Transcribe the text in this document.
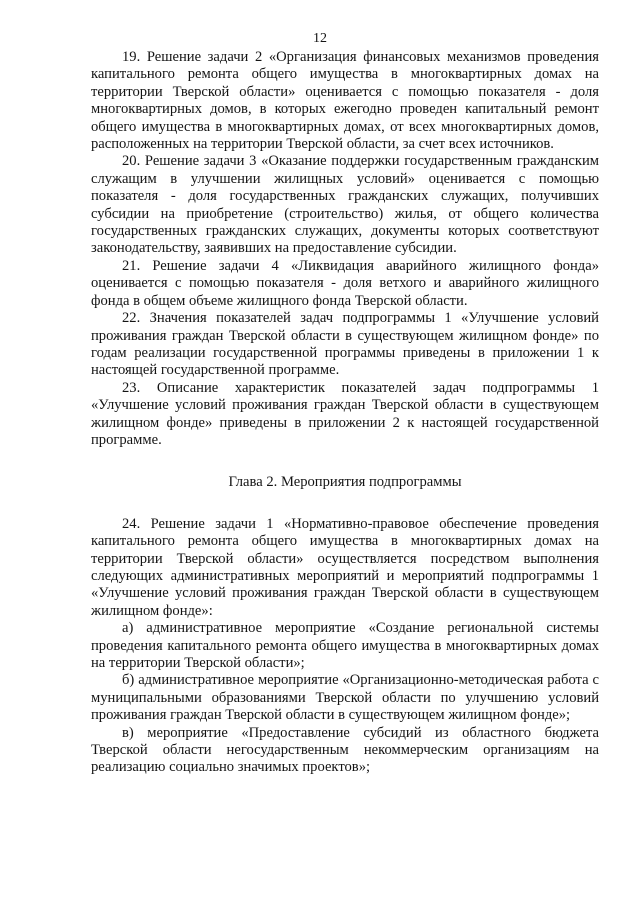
12

19. Решение задачи 2 «Организация финансовых механизмов проведения капитального ремонта общего имущества в многоквартирных домах на территории Тверской области» оценивается с помощью показателя - доля многоквартирных домов, в которых ежегодно проведен капитальный ремонт общего имущества в многоквартирных домах, от всех многоквартирных домов, расположенных на территории Тверской области, за счет всех источников.

20. Решение задачи 3 «Оказание поддержки государственным гражданским служащим в улучшении жилищных условий» оценивается с помощью показателя - доля государственных гражданских служащих, получивших субсидии на приобретение (строительство) жилья, от общего количества государственных гражданских служащих, документы которых соответствуют законодательству, заявивших на предоставление субсидии.

21. Решение задачи 4 «Ликвидация аварийного жилищного фонда» оценивается с помощью показателя - доля ветхого и аварийного жилищного фонда в общем объеме жилищного фонда Тверской области.

22. Значения показателей задач подпрограммы 1 «Улучшение условий проживания граждан Тверской области в существующем жилищном фонде» по годам реализации государственной программы приведены в приложении 1 к настоящей государственной программе.

23. Описание характеристик показателей задач подпрограммы 1 «Улучшение условий проживания граждан Тверской области в существующем жилищном фонде» приведены в приложении 2 к настоящей государственной программе.

Глава 2. Мероприятия подпрограммы

24. Решение задачи 1 «Нормативно-правовое обеспечение проведения капитального ремонта общего имущества в многоквартирных домах на территории Тверской области» осуществляется посредством выполнения следующих административных мероприятий и мероприятий подпрограммы 1 «Улучшение условий проживания граждан Тверской области в существующем жилищном фонде»:

а) административное мероприятие «Создание региональной системы проведения капитального ремонта общего имущества в многоквартирных домах на территории Тверской области»;

б) административное мероприятие «Организационно-методическая работа с муниципальными образованиями Тверской области по улучшению условий проживания граждан Тверской области в существующем жилищном фонде»;

в) мероприятие «Предоставление субсидий из областного бюджета Тверской области негосударственным некоммерческим организациям на реализацию социально значимых проектов»;
